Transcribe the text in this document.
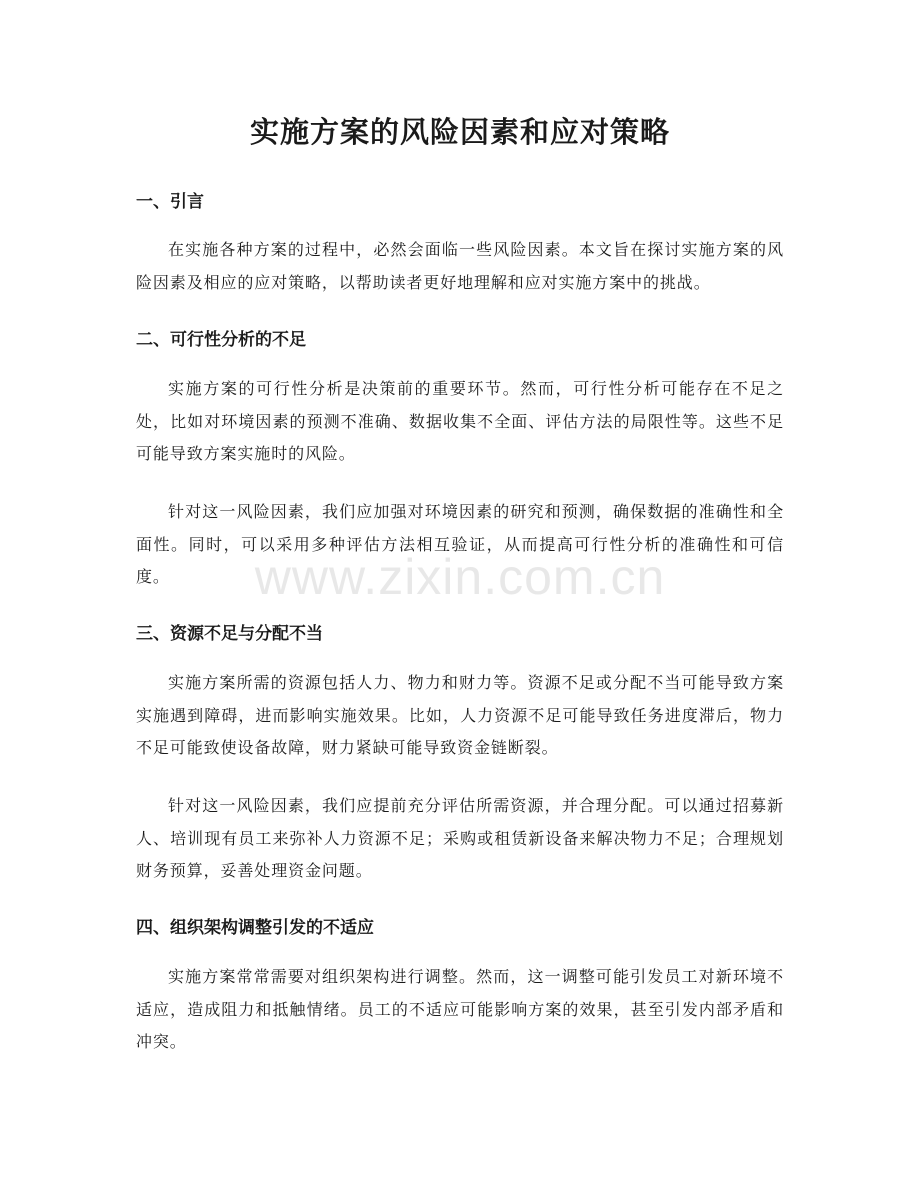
实施方案的风险因素和应对策略
一、引言

在实施各种方案的过程中，必然会面临一些风险因素。本文旨在探讨实施方案的风险因素及相应的应对策略，以帮助读者更好地理解和应对实施方案中的挑战。

二、可行性分析的不足

实施方案的可行性分析是决策前的重要环节。然而，可行性分析可能存在不足之处，比如对环境因素的预测不准确、数据收集不全面、评估方法的局限性等。这些不足可能导致方案实施时的风险。

针对这一风险因素，我们应加强对环境因素的研究和预测，确保数据的准确性和全面性。同时，可以采用多种评估方法相互验证，从而提高可行性分析的准确性和可信度。

三、资源不足与分配不当

实施方案所需的资源包括人力、物力和财力等。资源不足或分配不当可能导致方案实施遇到障碍，进而影响实施效果。比如，人力资源不足可能导致任务进度滞后，物力不足可能致使设备故障，财力紧缺可能导致资金链断裂。

针对这一风险因素，我们应提前充分评估所需资源，并合理分配。可以通过招募新人、培训现有员工来弥补人力资源不足；采购或租赁新设备来解决物力不足；合理规划财务预算，妥善处理资金问题。

四、组织架构调整引发的不适应

实施方案常常需要对组织架构进行调整。然而，这一调整可能引发员工对新环境不适应，造成阻力和抵触情绪。员工的不适应可能影响方案的效果，甚至引发内部矛盾和冲突。

www.zixin.com.cn
